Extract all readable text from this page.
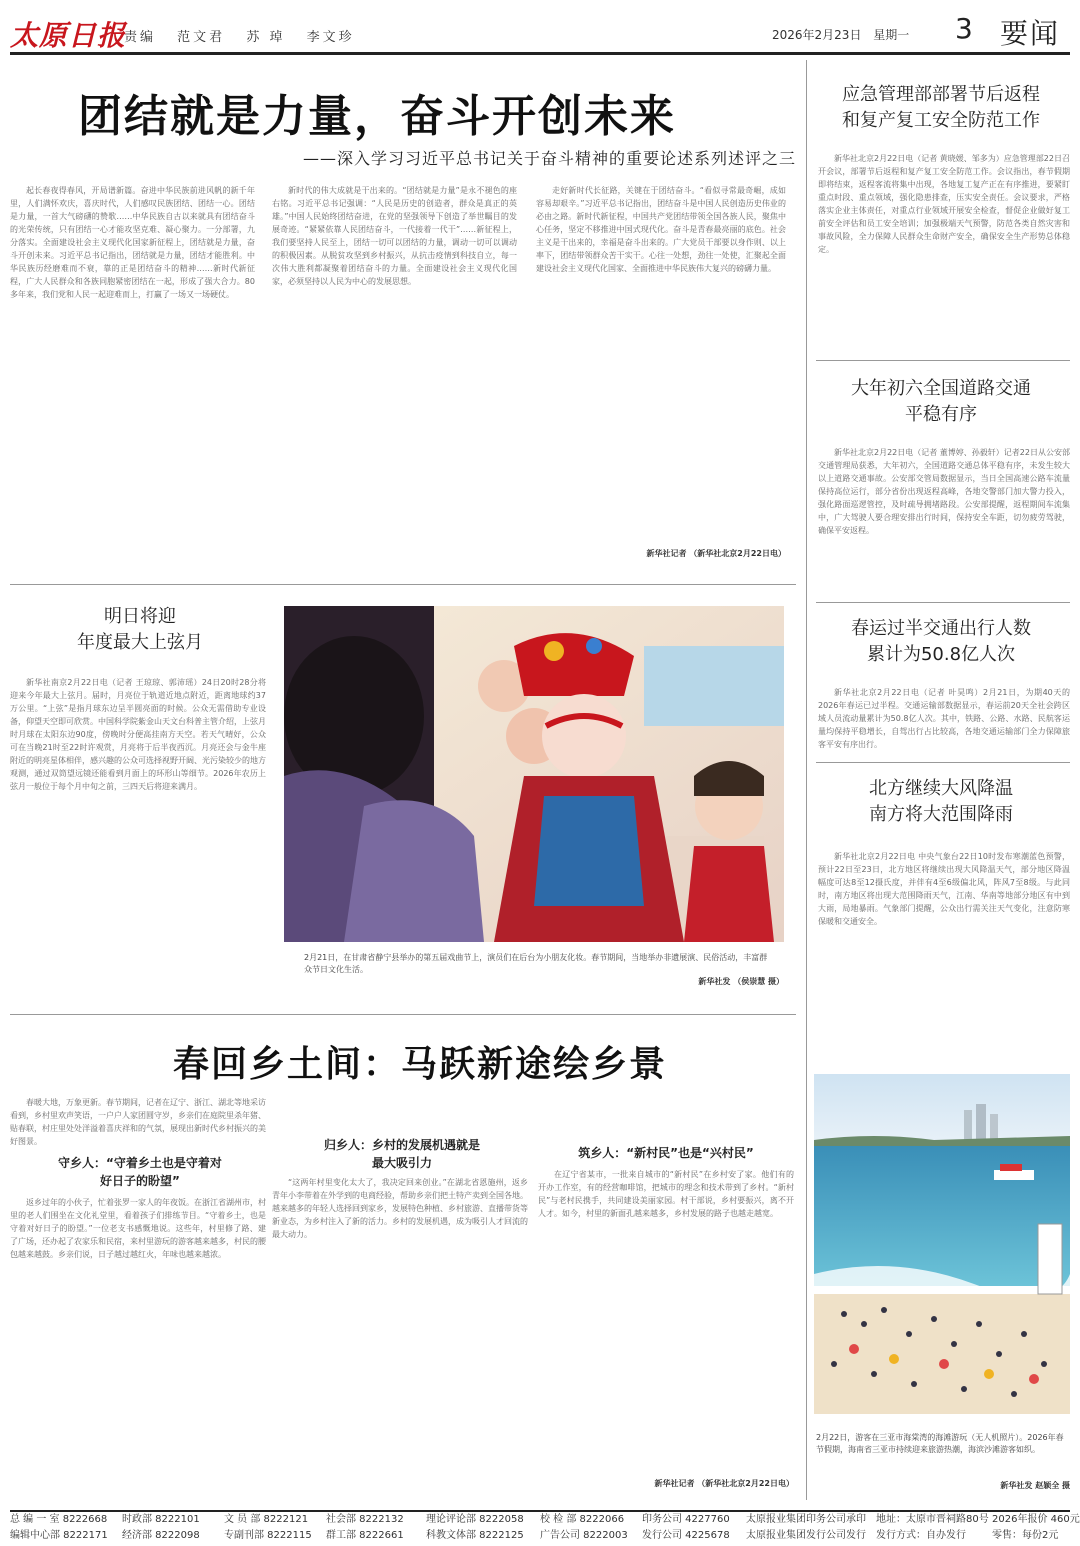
太原日报
责编 范文君 苏 琸 李文珍	2026年2月23日 星期一 3 要闻
团结就是力量，奋斗开创未来
——深入学习习近平总书记关于奋斗精神的重要论述系列述评之三

起长春夜得春风，开局谱新篇。奋进中华民族前进风帆的新千年里，人们满怀欢庆，喜庆时代，人们感叹民族团结、团结一心。团结是力量，一首大气磅礴的赞歌……中华民族自古以来就具有团结奋斗的光荣传统，只有团结一心才能攻坚克难、凝心聚力。一分部署，九分落实。全面建设社会主义现代化国家新征程上，团结就是力量，奋斗开创未来。习近平总书记指出，团结就是力量，团结才能胜利。中华民族历经磨难而不衰，靠的正是团结奋斗的精神……新时代新征程，广大人民群众和各族同胞紧密团结在一起，形成了强大合力。80多年来，我们党和人民一起迎难而上，打赢了一场又一场硬仗。

新时代的伟大成就是干出来的。“团结就是力量”是永不褪色的座右铭。习近平总书记强调：“人民是历史的创造者，群众是真正的英雄。”中国人民始终团结奋进，在党的坚强领导下创造了举世瞩目的发展奇迹。“紧紧依靠人民团结奋斗，一代接着一代干”……新征程上，我们要坚持人民至上，团结一切可以团结的力量，调动一切可以调动的积极因素。从脱贫攻坚到乡村振兴，从抗击疫情到科技自立，每一次伟大胜利都凝聚着团结奋斗的力量。全面建设社会主义现代化国家，必须坚持以人民为中心的发展思想。

走好新时代长征路，关键在于团结奋斗。“看似寻常最奇崛，成如容易却艰辛。”习近平总书记指出，团结奋斗是中国人民创造历史伟业的必由之路。新时代新征程，中国共产党团结带领全国各族人民，聚焦中心任务，坚定不移推进中国式现代化。奋斗是青春最亮丽的底色。社会主义是干出来的，幸福是奋斗出来的。广大党员干部要以身作则、以上率下，团结带领群众苦干实干。心往一处想，劲往一处使，汇聚起全面建设社会主义现代化国家、全面推进中华民族伟大复兴的磅礴力量。

新华社记者 （新华社北京2月22日电）
明日将迎
年度最大上弦月

新华社南京2月22日电（记者 王琼琼、郭沛瑶）24日20时28分将迎来今年最大上弦月。届时，月亮位于轨道近地点附近，距离地球约37万公里。“上弦”是指月球东边呈半圆亮面的时候。公众无需借助专业设备，仰望天空即可欣赏。中国科学院紫金山天文台科普主管介绍，上弦月时月球在太阳东边90度，傍晚时分便高挂南方天空。若天气晴好，公众可在当晚21时至22时许观赏，月亮将于后半夜西沉。月亮还会与金牛座附近的明亮星体相伴，感兴趣的公众可选择视野开阔、光污染较少的地方观测，通过双筒望远镜还能看到月面上的环形山等细节。2026年农历上弦月一般位于每个月中旬之前，三四天后将迎来满月。

2月21日，在甘肃省静宁县举办的第五届戏曲节上，演员们在后台为小朋友化妆。春节期间，当地举办非遗展演、民俗活动，丰富群众节日文化生活。
新华社发 （侯崇慧 摄）
春回乡土间：马跃新途绘乡景

春暖大地，万象更新。春节期间，记者在辽宁、浙江、湖北等地采访看到，乡村里欢声笑语，一户户人家团圆守岁，乡亲们在庭院里杀年猪、贴春联，村庄里处处洋溢着喜庆祥和的气氛，展现出新时代乡村振兴的美好图景。

守乡人：“守着乡土也是守着对
好日子的盼望”

返乡过年的小伙子，忙着张罗一家人的年夜饭。在浙江省湖州市，村里的老人们围坐在文化礼堂里，看着孩子们排练节目。“守着乡土，也是守着对好日子的盼望。”一位老支书感慨地说。这些年，村里修了路、建了广场，还办起了农家乐和民宿，来村里游玩的游客越来越多，村民的腰包越来越鼓。乡亲们说，日子越过越红火，年味也越来越浓。

归乡人：乡村的发展机遇就是
最大吸引力

“这两年村里变化太大了，我决定回来创业。”在湖北省恩施州，返乡青年小李带着在外学到的电商经验，帮助乡亲们把土特产卖到全国各地。越来越多的年轻人选择回到家乡，发展特色种植、乡村旅游、直播带货等新业态，为乡村注入了新的活力。乡村的发展机遇，成为吸引人才回流的最大动力。

筑乡人：“新村民”也是“兴村民”

在辽宁省某市，一批来自城市的“新村民”在乡村安了家。他们有的开办工作室，有的经营咖啡馆，把城市的理念和技术带到了乡村。“新村民”与老村民携手，共同建设美丽家园。村干部说，乡村要振兴，离不开人才。如今，村里的新面孔越来越多，乡村发展的路子也越走越宽。

新华社记者 （新华社北京2月22日电）
应急管理部部署节后返程
和复产复工安全防范工作

新华社北京2月22日电（记者 黄晓媛、邹多为）应急管理部22日召开会议，部署节后返程和复产复工安全防范工作。会议指出，春节假期即将结束，返程客流将集中出现，各地复工复产正在有序推进，要紧盯重点时段、重点领域，强化隐患排查，压实安全责任。会议要求，严格落实企业主体责任，对重点行业领域开展安全检查，督促企业做好复工前安全评估和员工安全培训；加强极端天气预警，防范各类自然灾害和事故风险，全力保障人民群众生命财产安全，确保安全生产形势总体稳定。

大年初六全国道路交通
平稳有序

新华社北京2月22日电（记者 董博婷、孙毅轩）记者22日从公安部交通管理局获悉，大年初六，全国道路交通总体平稳有序，未发生较大以上道路交通事故。公安部交管局数据显示，当日全国高速公路车流量保持高位运行，部分省份出现返程高峰，各地交警部门加大警力投入，强化路面巡逻管控，及时疏导拥堵路段。公安部提醒，返程期间车流集中，广大驾驶人要合理安排出行时间，保持安全车距，切勿疲劳驾驶，确保平安返程。

春运过半交通出行人数
累计为50.8亿人次

新华社北京2月22日电（记者 叶昊鸣）2月21日，为期40天的2026年春运已过半程。交通运输部数据显示，春运前20天全社会跨区域人员流动量累计为50.8亿人次。其中，铁路、公路、水路、民航客运量均保持平稳增长，自驾出行占比较高，各地交通运输部门全力保障旅客平安有序出行。

北方继续大风降温
南方将大范围降雨

新华社北京2月22日电 中央气象台22日10时发布寒潮蓝色预警，预计22日至23日，北方地区将继续出现大风降温天气，部分地区降温幅度可达8至12摄氏度，并伴有4至6级偏北风，阵风7至8级。与此同时，南方地区将出现大范围降雨天气，江南、华南等地部分地区有中到大雨，局地暴雨。气象部门提醒，公众出行需关注天气变化，注意防寒保暖和交通安全。

2月22日，游客在三亚市海棠湾的海滩游玩（无人机照片）。2026年春节假期，海南省三亚市持续迎来旅游热潮，海滨沙滩游客如织。
新华社发 赵颖全 摄
总 编 一 室 8222668 时政部 8222101 文 员 部 8222121 社会部 8222132 理论评论部 8222058 校 检 部 8222066 印务公司 4227760 太原报业集团印务公司承印 地址：太原市晋祠路80号 2026年报价 460元
编辑中心部 8222171 经济部 8222098 专副刊部 8222115 群工部 8222661 科教文体部 8222125 广告公司 8222003 发行公司 4225678 太原报业集团发行公司发行 发行方式：自办发行	零售：每份2元
